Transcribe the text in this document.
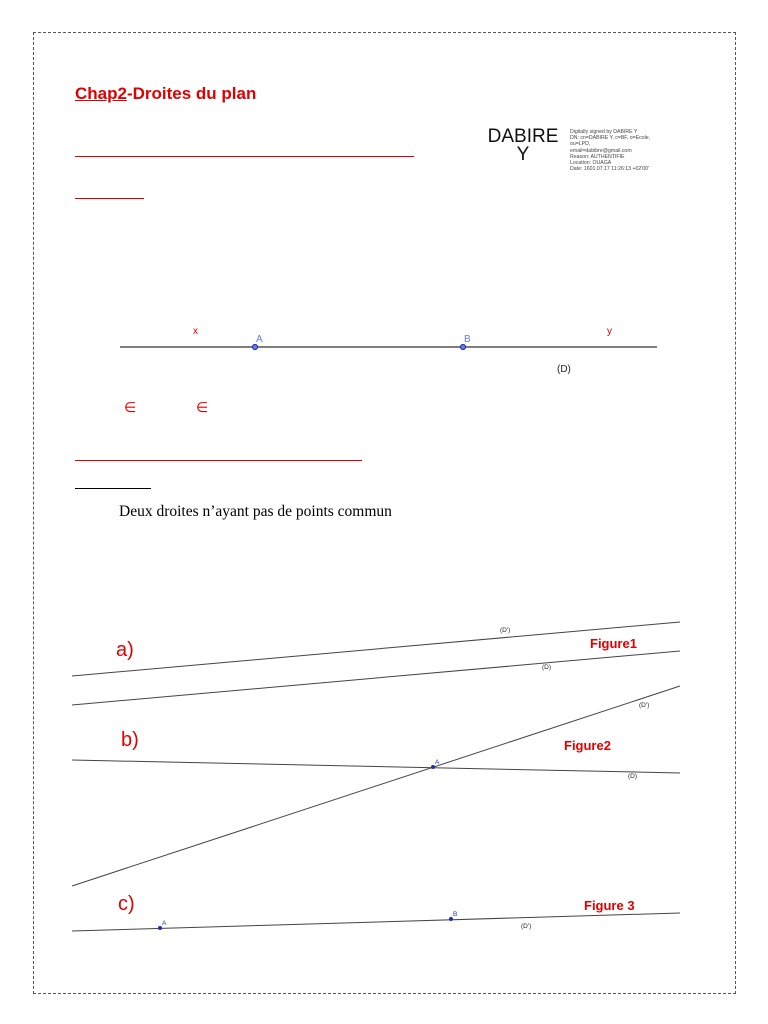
Chap2-Droites du plan
DABIRE
Y
Digitally signed by DABIRE Y
DN: cn=DABIRE Y, c=BF, o=Ecole,
ou=LPD,
email=dabibre@gmail.com
Reason: AUTHENTIFIE
Location: OUAGA
Date: 1601.07.17 11:26:13 +02'00'
x	y
A	B
(D)
∈	∈

Deux droites n’ayant pas de points commun

a)
(D')
(D)
Figure1
b)
A
(D')
(D)
Figure2
c)
A
B
(D')
Figure 3
